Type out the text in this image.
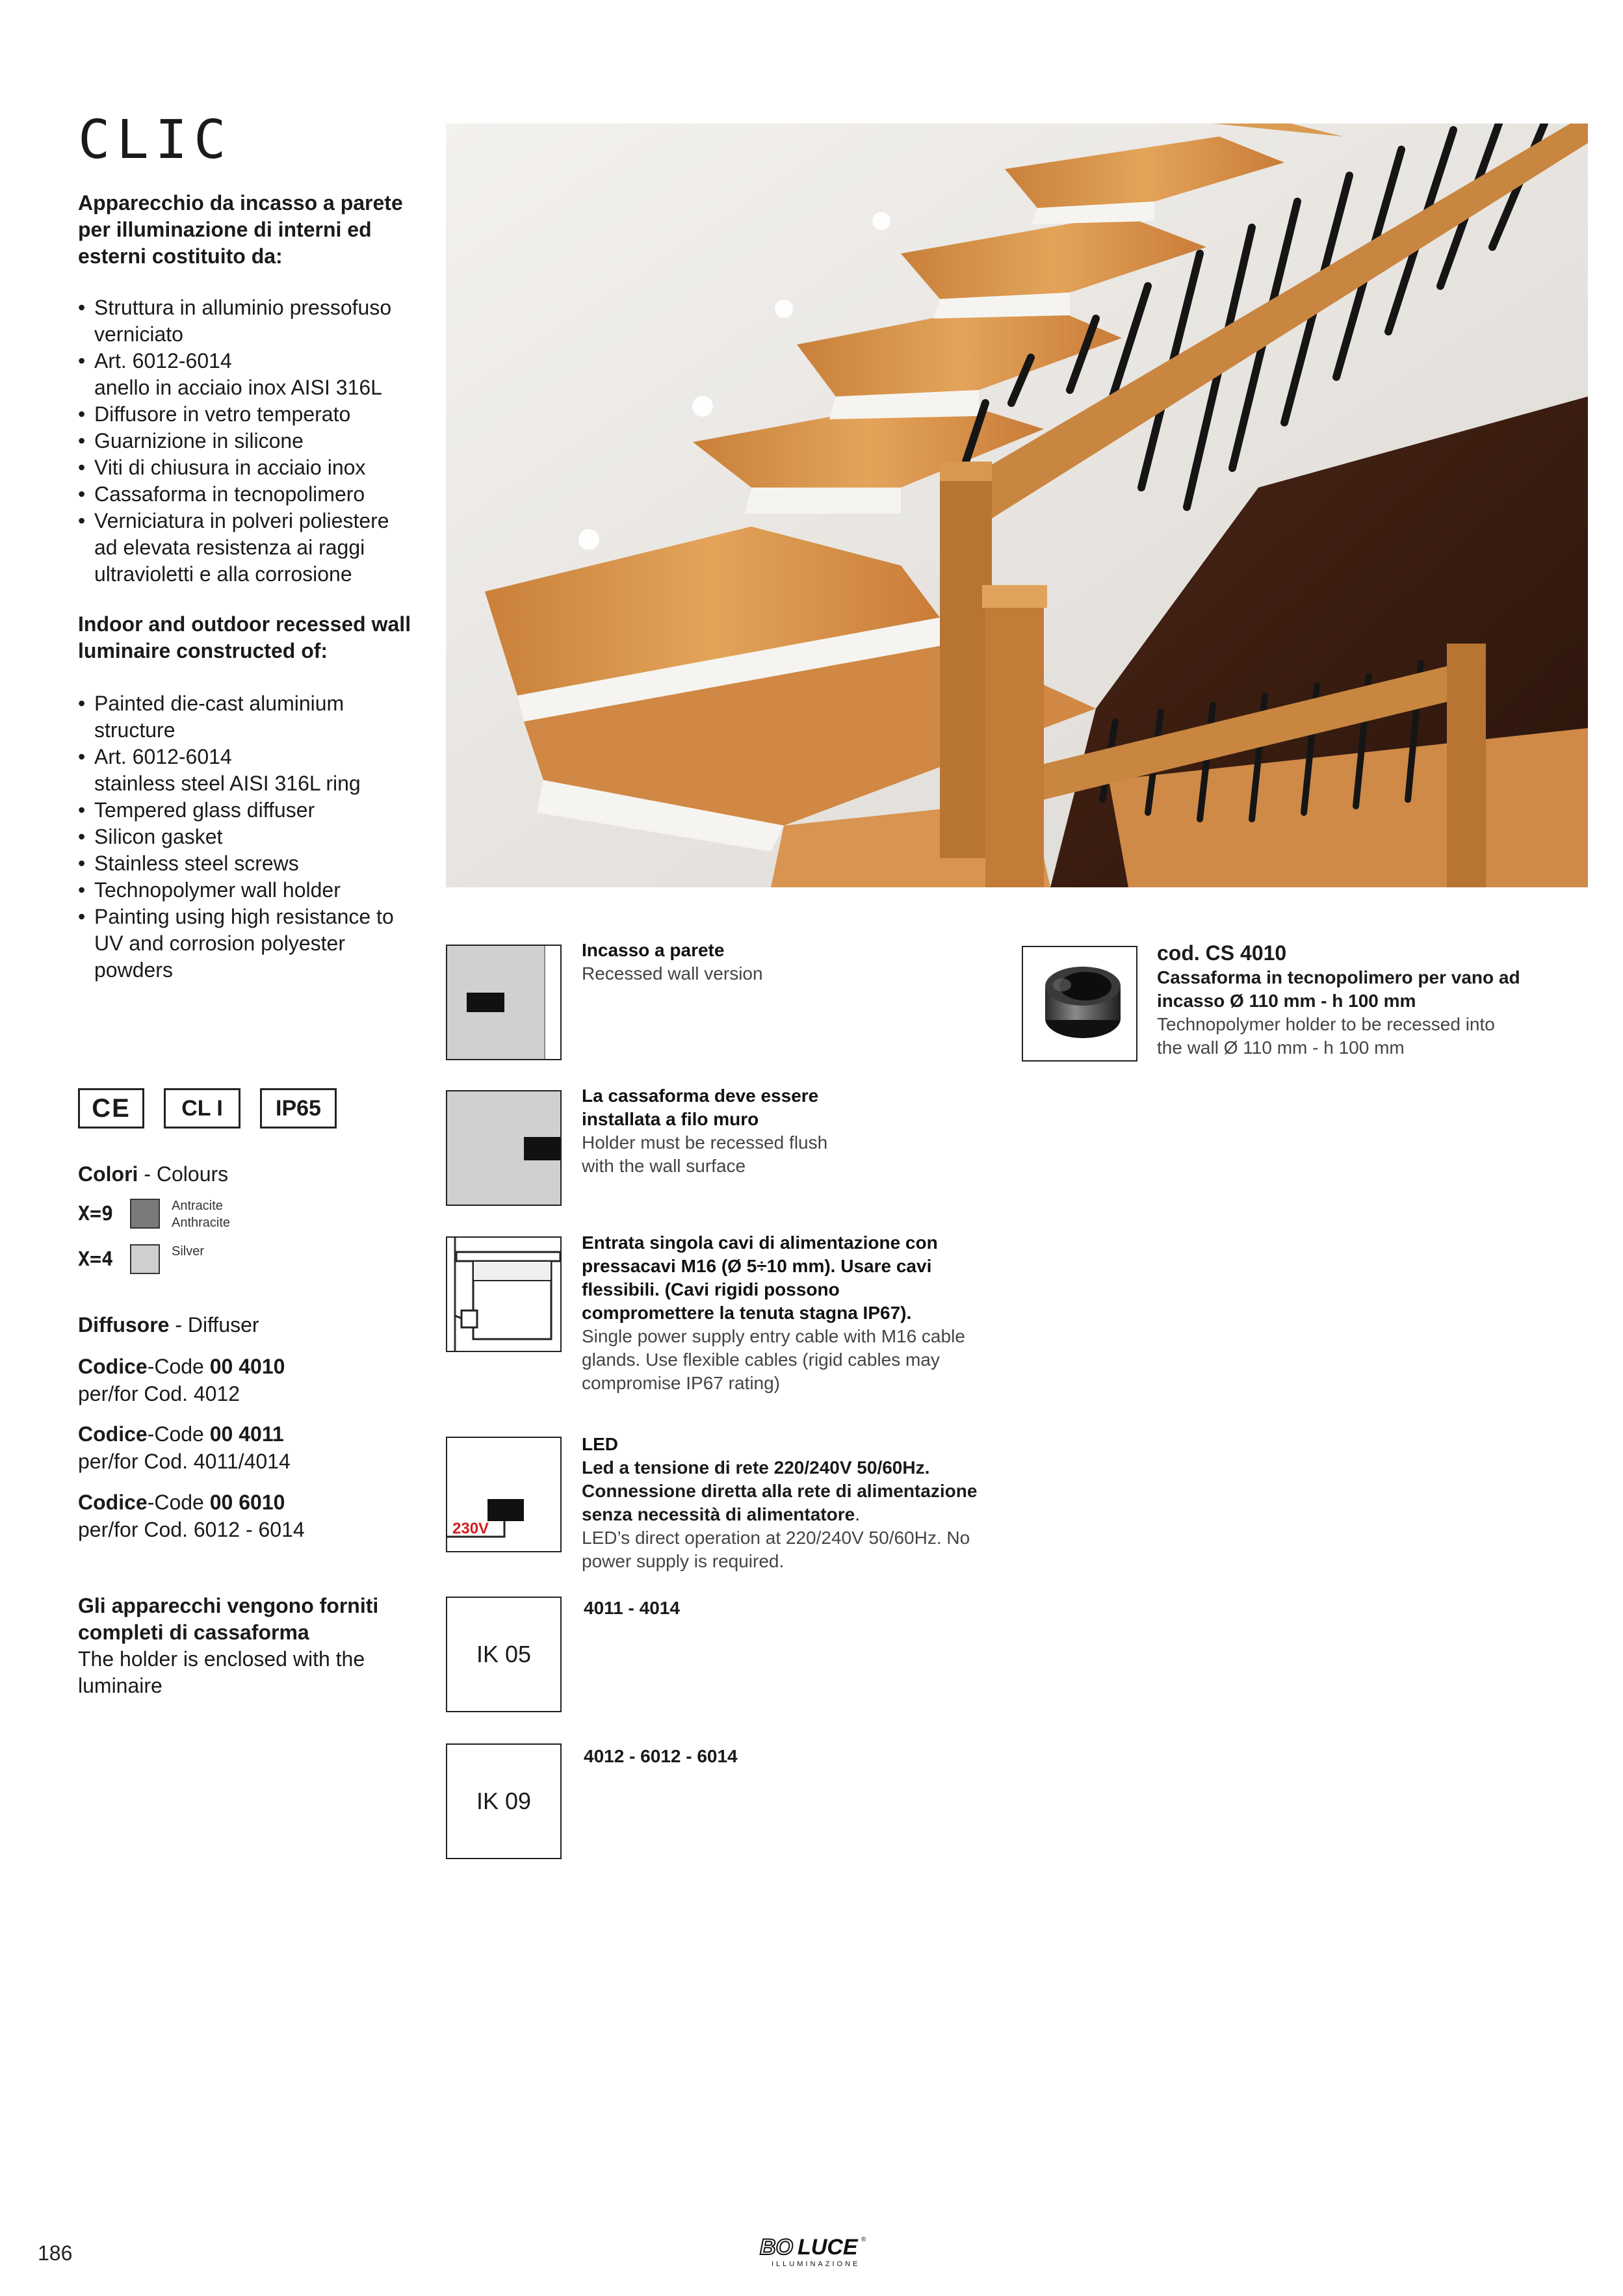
CLIC
Apparecchio da incasso a parete per illuminazione di interni ed esterni costituito da:
• Struttura in alluminio pressofuso
verniciato
• Art. 6012-6014
anello in acciaio inox AISI 316L
• Diffusore in vetro temperato
• Guarnizione in silicone
• Viti di chiusura in acciaio inox
• Cassaforma in tecnopolimero
• Verniciatura in polveri poliestere
ad elevata resistenza ai raggi
ultravioletti e alla corrosione
Indoor and outdoor recessed wall luminaire constructed of:
• Painted die-cast aluminium
structure
• Art. 6012-6014
stainless steel AISI 316L ring
• Tempered glass diffuser
• Silicon gasket
• Stainless steel screws
• Technopolymer wall holder
• Painting using high resistance to
UV and corrosion polyester
powders
CE	CL I	IP65
Colori - Colours
X=9	Antracite
Anthracite
X=4	Silver
Diffusore - Diffuser
Codice-Code 00 4010
per/for Cod. 4012
Codice-Code 00 4011
per/for Cod. 4011/4014
Codice-Code 00 6010
per/for Cod. 6012 - 6014
Gli apparecchi vengono forniti completi di cassaforma
The holder is enclosed with the luminaire
230V
IK 05
IK 09
Incasso a parete
Recessed wall version
La cassaforma deve essere installata a filo muro
Holder must be recessed flush with the wall surface
Entrata singola cavi di alimentazione con pressacavi M16 (Ø 5÷10 mm). Usare cavi flessibili. (Cavi rigidi possono compromettere la tenuta stagna IP67).
Single power supply entry cable with M16 cable glands. Use flexible cables (rigid cables may compromise IP67 rating)
LED
Led a tensione di rete 220/240V 50/60Hz. Connessione diretta alla rete di alimentazione senza necessità di alimentatore.
LED’s direct operation at 220/240V 50/60Hz. No power supply is required.
4011 - 4014
4012 - 6012 - 6014
cod. CS 4010
Cassaforma in tecnopolimero per vano ad incasso Ø 110 mm - h 100 mm
Technopolymer holder to be recessed into the wall Ø 110 mm - h 100 mm
186	BO LUCE ®
ILLUMINAZIONE
